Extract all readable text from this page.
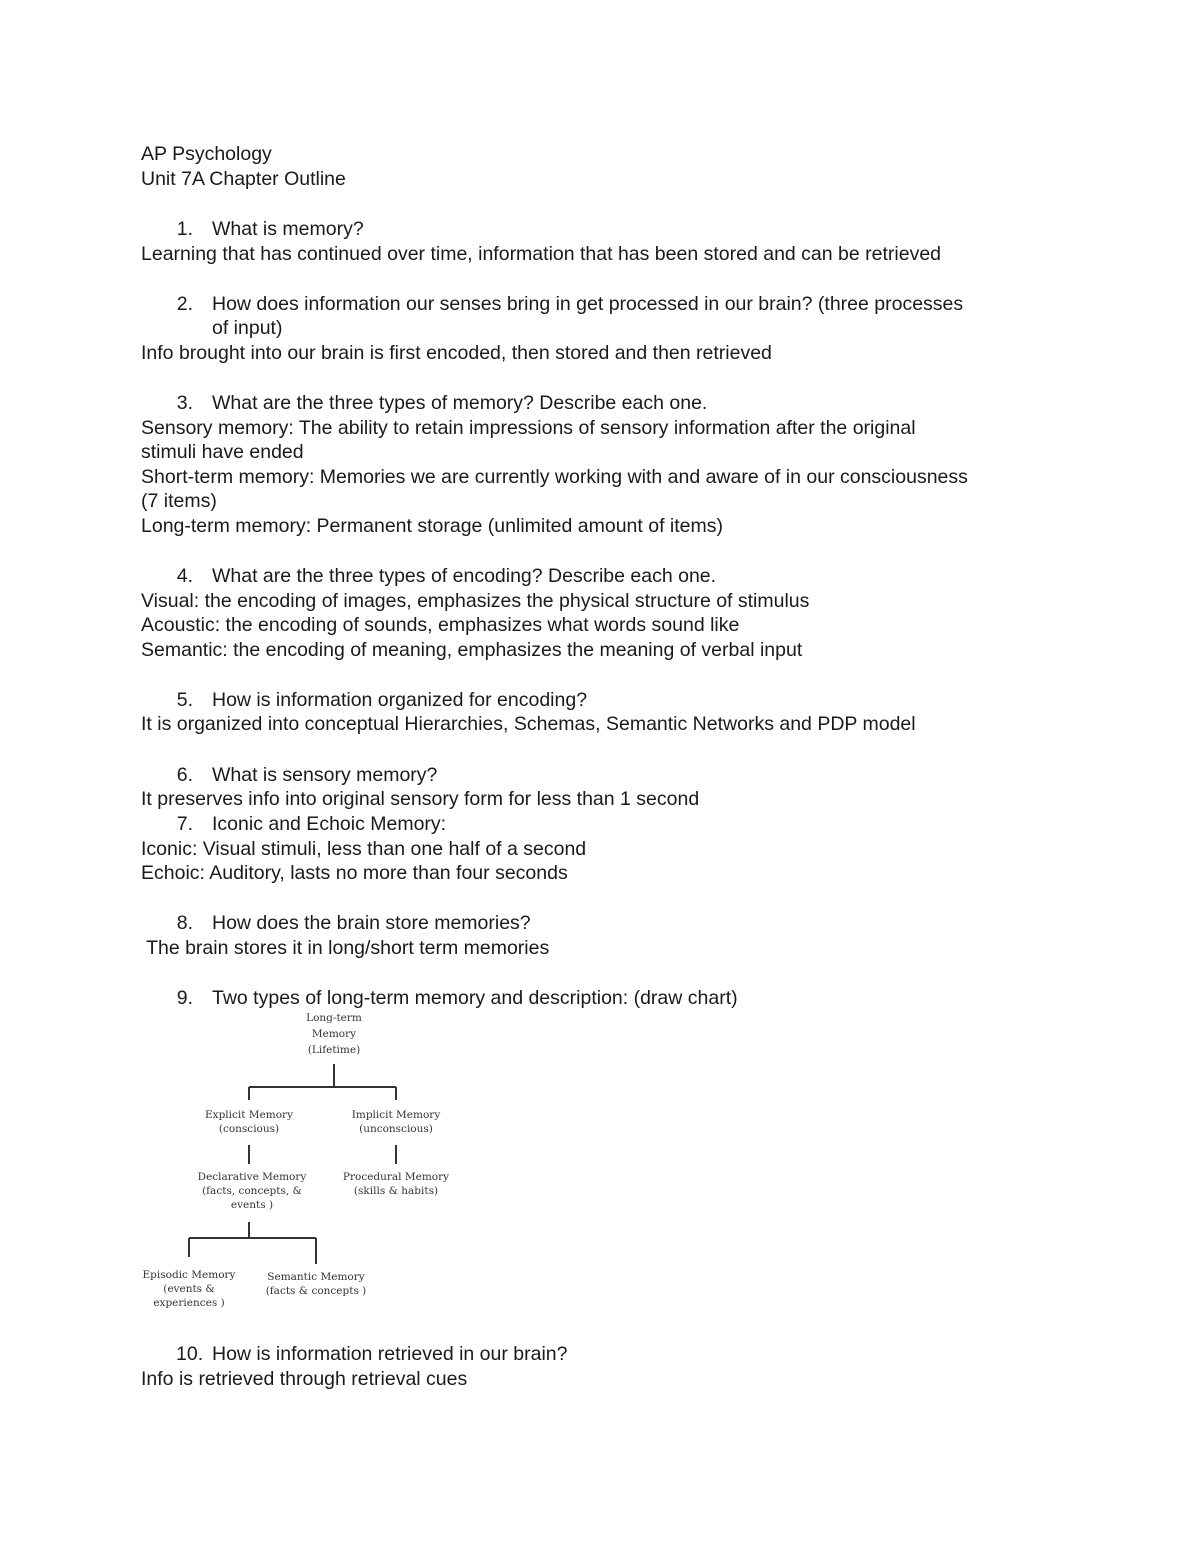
AP Psychology
Unit 7A Chapter Outline
1. What is memory?
Learning that has continued over time, information that has been stored and can be retrieved
2. How does information our senses bring in get processed in our brain? (three processes
of input)
Info brought into our brain is first encoded, then stored and then retrieved
3. What are the three types of memory? Describe each one.
Sensory memory: The ability to retain impressions of sensory information after the original
stimuli have ended
Short-term memory: Memories we are currently working with and aware of in our consciousness
(7 items)
Long-term memory: Permanent storage (unlimited amount of items)
4. What are the three types of encoding? Describe each one.
Visual: the encoding of images, emphasizes the physical structure of stimulus
Acoustic: the encoding of sounds, emphasizes what words sound like
Semantic: the encoding of meaning, emphasizes the meaning of verbal input
5. How is information organized for encoding?
It is organized into conceptual Hierarchies, Schemas, Semantic Networks and PDP model
6. What is sensory memory?
It preserves info into original sensory form for less than 1 second
7. Iconic and Echoic Memory:
Iconic: Visual stimuli, less than one half of a second
Echoic: Auditory, lasts no more than four seconds
8. How does the brain store memories?
The brain stores it in long/short term memories
9. Two types of long-term memory and description: (draw chart)
Long-term
Memory
(Lifetime)
Explicit Memory
(conscious)
Implicit Memory
(unconscious)
Declarative Memory
(facts, concepts, &
events )
Procedural Memory
(skills & habits)
Episodic Memory
(events &
experiences )
Semantic Memory
(facts & concepts )
10. How is information retrieved in our brain?
Info is retrieved through retrieval cues
